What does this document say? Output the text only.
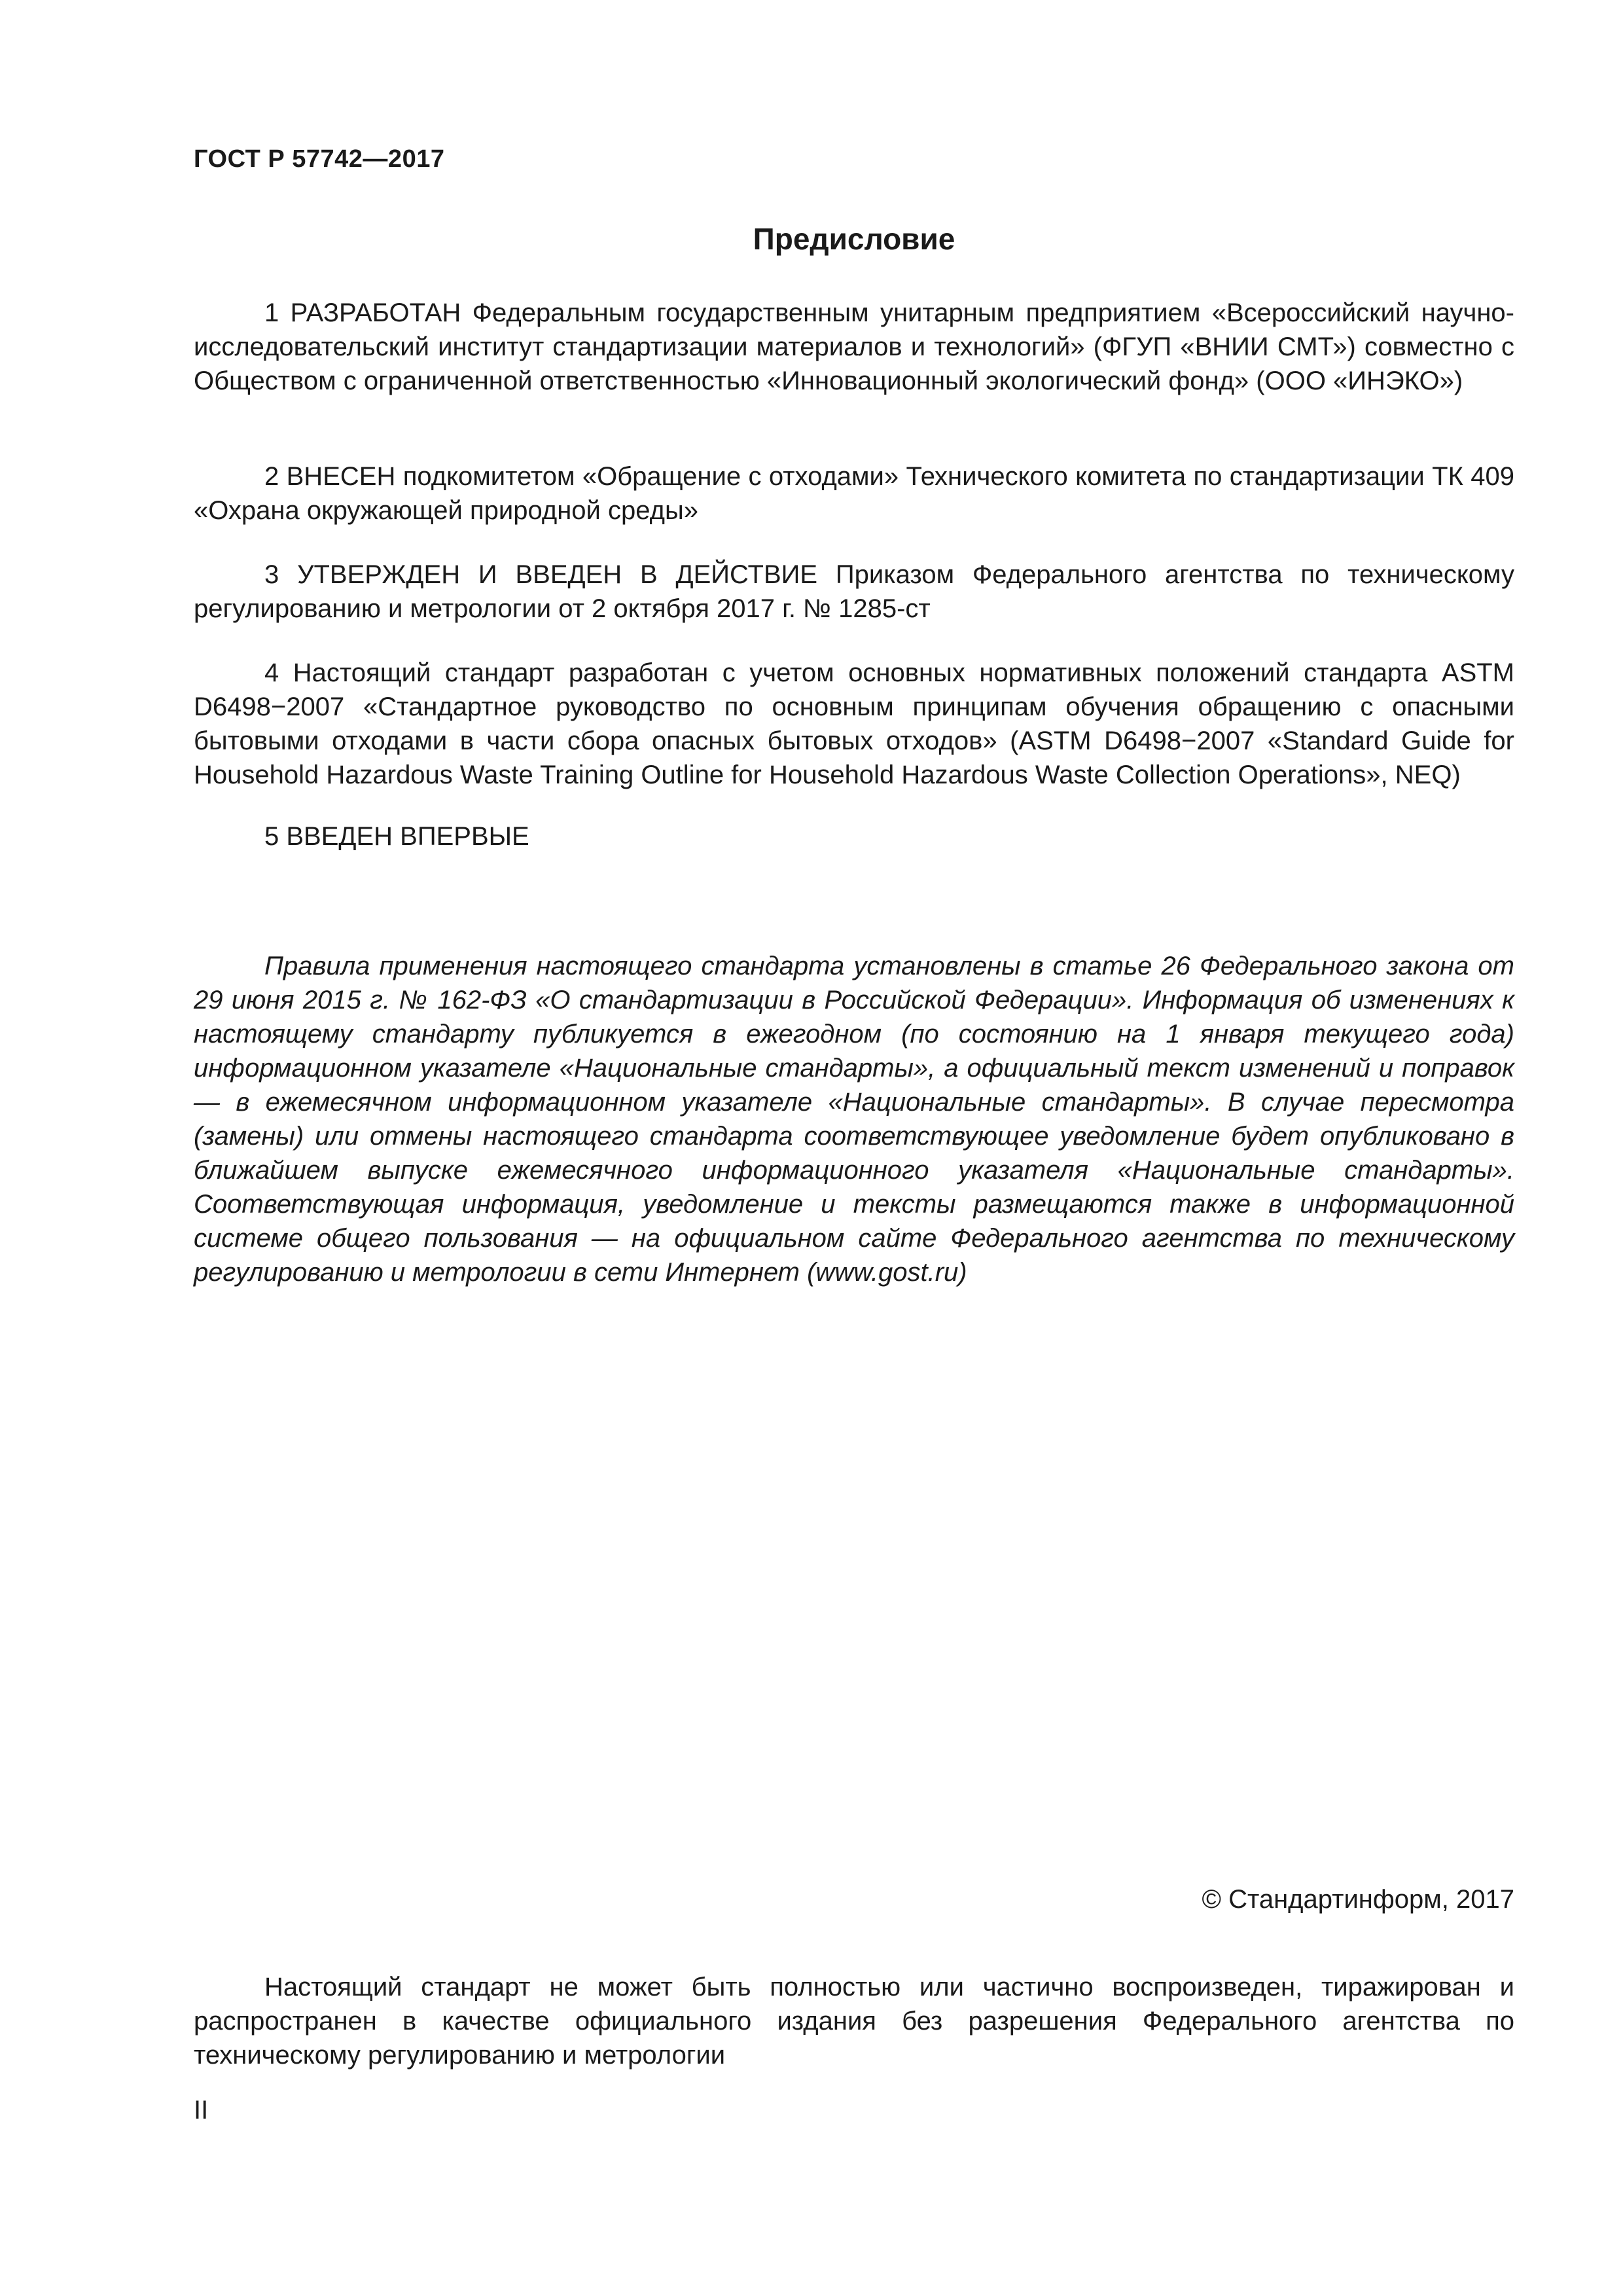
ГОСТ Р 57742—2017
Предисловие

1 РАЗРАБОТАН Федеральным государственным унитарным предприятием «Всероссийский научно-исследовательский институт стандартизации материалов и технологий» (ФГУП «ВНИИ СМТ») совместно с Обществом с ограниченной ответственностью «Инновационный экологический фонд» (ООО «ИНЭКО»)

2 ВНЕСЕН подкомитетом «Обращение с отходами» Технического комитета по стандартизации ТК 409 «Охрана окружающей природной среды»

3 УТВЕРЖДЕН И ВВЕДЕН В ДЕЙСТВИЕ Приказом Федерального агентства по техническому регулированию и метрологии от 2 октября 2017 г. № 1285-ст

4 Настоящий стандарт разработан с учетом основных нормативных положений стандарта ASTM D6498−2007 «Стандартное руководство по основным принципам обучения обращению с опасными бытовыми отходами в части сбора опасных бытовых отходов» (ASTM D6498−2007 «Standard Guide for Household Hazardous Waste Training Outline for Household Hazardous Waste Collection Operations», NEQ)

5 ВВЕДЕН ВПЕРВЫЕ

Правила применения настоящего стандарта установлены в статье 26 Федерального закона от 29 июня 2015 г. № 162-ФЗ «О стандартизации в Российской Федерации». Информация об изменениях к настоящему стандарту публикуется в ежегодном (по состоянию на 1 января текущего года) информационном указателе «Национальные стандарты», а официальный текст изменений и поправок — в ежемесячном информационном указателе «Национальные стандарты». В случае пересмотра (замены) или отмены настоящего стандарта соответствующее уведомление будет опубликовано в ближайшем выпуске ежемесячного информационного указателя «Национальные стандарты». Соответствующая информация, уведомление и тексты размещаются также в информационной системе общего пользования — на официальном сайте Федерального агентства по техническому регулированию и метрологии в сети Интернет (www.gost.ru)

© Стандартинформ, 2017

Настоящий стандарт не может быть полностью или частично воспроизведен, тиражирован и распространен в качестве официального издания без разрешения Федерального агентства по техническому регулированию и метрологии

II
